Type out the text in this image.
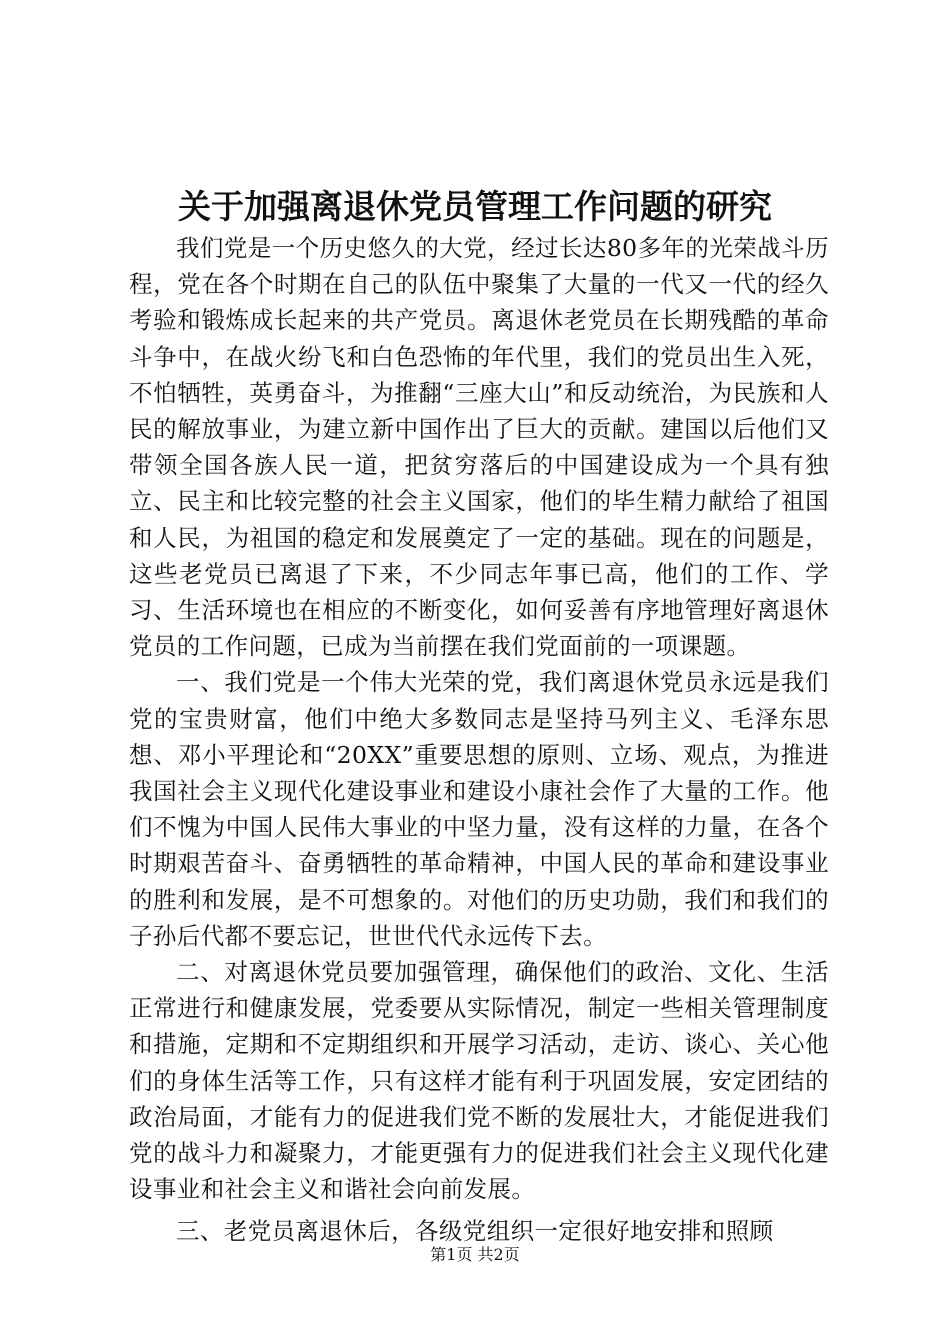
关于加强离退休党员管理工作问题的研究

我们党是一个历史悠久的大党，经过长达80多年的光荣战斗历程，党在各个时期在自己的队伍中聚集了大量的一代又一代的经久考验和锻炼成长起来的共产党员。离退休老党员在长期残酷的革命斗争中，在战火纷飞和白色恐怖的年代里，我们的党员出生入死，不怕牺牲，英勇奋斗，为推翻“三座大山”和反动统治，为民族和人民的解放事业，为建立新中国作出了巨大的贡献。建国以后他们又带领全国各族人民一道，把贫穷落后的中国建设成为一个具有独立、民主和比较完整的社会主义国家，他们的毕生精力献给了祖国和人民，为祖国的稳定和发展奠定了一定的基础。现在的问题是，这些老党员已离退了下来，不少同志年事已高，他们的工作、学习、生活环境也在相应的不断变化，如何妥善有序地管理好离退休党员的工作问题，已成为当前摆在我们党面前的一项课题。

一、我们党是一个伟大光荣的党，我们离退休党员永远是我们党的宝贵财富，他们中绝大多数同志是坚持马列主义、毛泽东思想、邓小平理论和“20XX”重要思想的原则、立场、观点，为推进我国社会主义现代化建设事业和建设小康社会作了大量的工作。他们不愧为中国人民伟大事业的中坚力量，没有这样的力量，在各个时期艰苦奋斗、奋勇牺牲的革命精神，中国人民的革命和建设事业的胜利和发展，是不可想象的。对他们的历史功勋，我们和我们的子孙后代都不要忘记，世世代代永远传下去。

二、对离退休党员要加强管理，确保他们的政治、文化、生活正常进行和健康发展，党委要从实际情况，制定一些相关管理制度和措施，定期和不定期组织和开展学习活动，走访、谈心、关心他们的身体生活等工作，只有这样才能有利于巩固发展，安定团结的政治局面，才能有力的促进我们党不断的发展壮大，才能促进我们党的战斗力和凝聚力，才能更强有力的促进我们社会主义现代化建设事业和社会主义和谐社会向前发展。

三、老党员离退休后，各级党组织一定很好地安排和照顾

第1页 共2页
